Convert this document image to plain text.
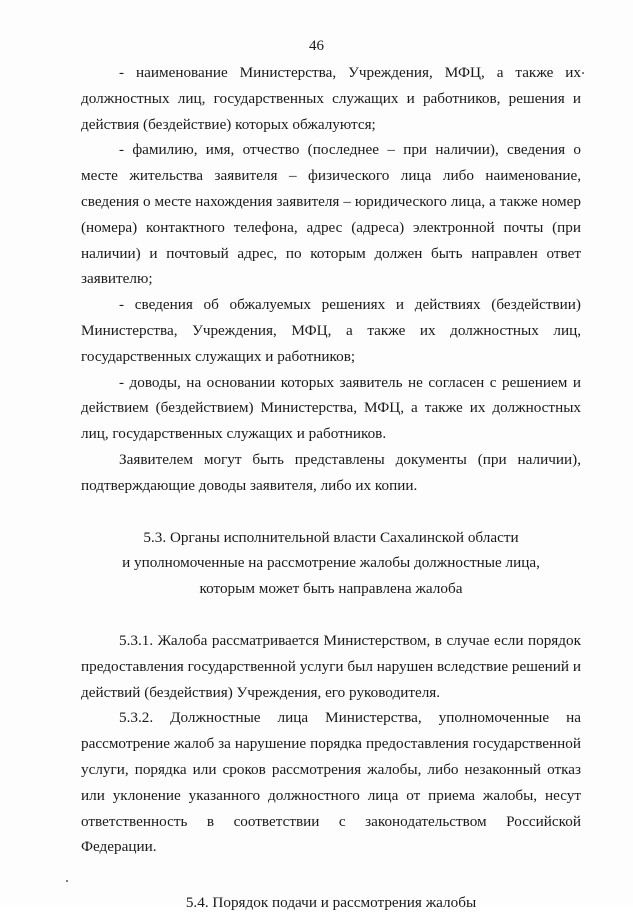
46

- наименование Министерства, Учреждения, МФЦ, а также их должностных лиц, государственных служащих и работников, решения и действия (бездействие) которых обжалуются;

- фамилию, имя, отчество (последнее – при наличии), сведения о месте жительства заявителя – физического лица либо наименование, сведения о месте нахождения заявителя – юридического лица, а также номер (номера) контактного телефона, адрес (адреса) электронной почты (при наличии) и почтовый адрес, по которым должен быть направлен ответ заявителю;

- сведения об обжалуемых решениях и действиях (бездействии) Министерства, Учреждения, МФЦ, а также их должностных лиц, государственных служащих и работников;

- доводы, на основании которых заявитель не согласен с решением и действием (бездействием) Министерства, МФЦ, а также их должностных лиц, государственных служащих и работников.

Заявителем могут быть представлены документы (при наличии), подтверждающие доводы заявителя, либо их копии.

5.3. Органы исполнительной власти Сахалинской области

и уполномоченные на рассмотрение жалобы должностные лица,

которым может быть направлена жалоба

5.3.1. Жалоба рассматривается Министерством, в случае если порядок предоставления государственной услуги был нарушен вследствие решений и действий (бездействия) Учреждения, его руководителя.

5.3.2. Должностные лица Министерства, уполномоченные на рассмотрение жалоб за нарушение порядка предоставления государственной услуги, порядка или сроков рассмотрения жалобы, либо незаконный отказ или уклонение указанного должностного лица от приема жалобы, несут ответственность в соответствии с законодательством Российской Федерации.

5.4. Порядок подачи и рассмотрения жалобы
